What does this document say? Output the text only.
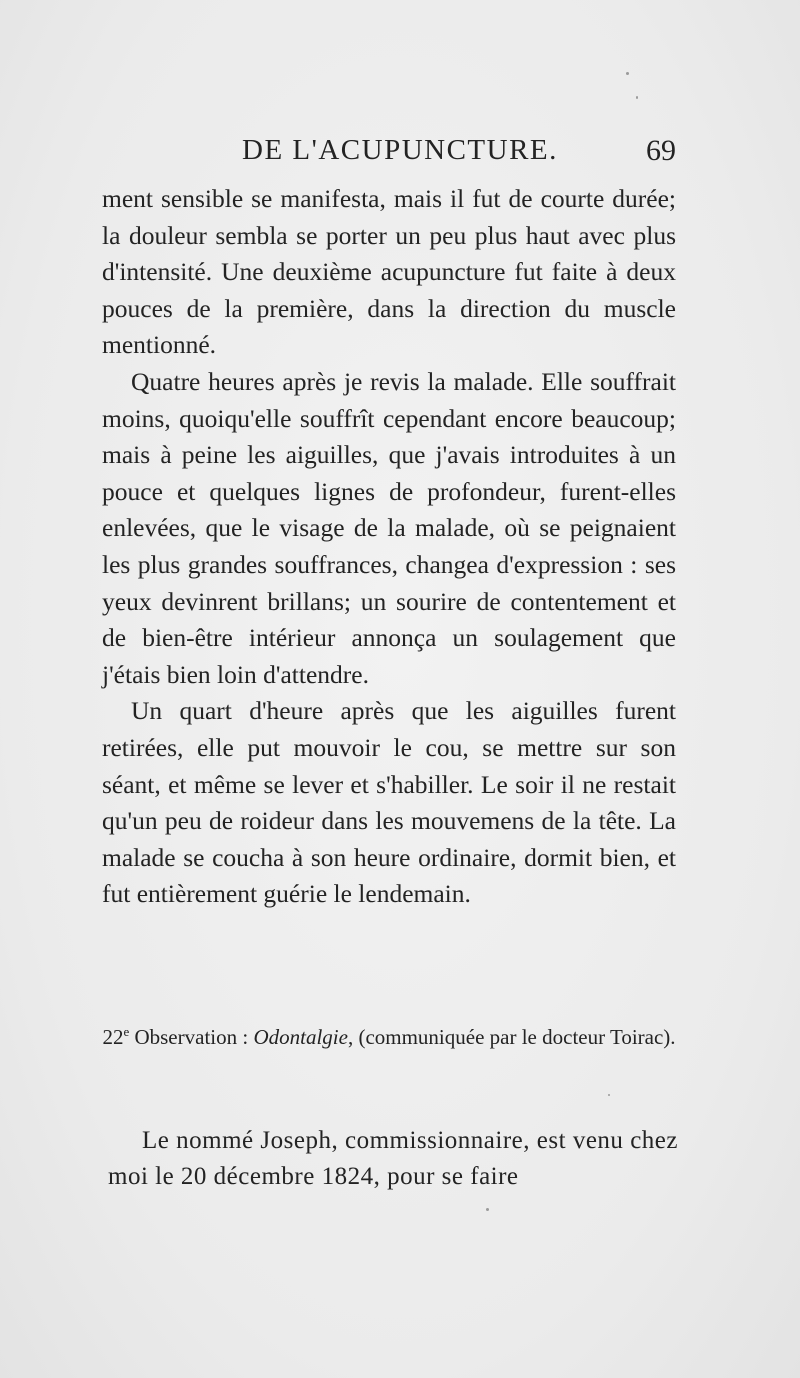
DE L'ACUPUNCTURE.	69

ment sensible se manifesta, mais il fut de courte durée; la douleur sembla se porter un peu plus haut avec plus d'intensité. Une deuxième acupuncture fut faite à deux pouces de la première, dans la direction du muscle mentionné.

Quatre heures après je revis la malade. Elle souffrait moins, quoiqu'elle souffrît cependant encore beaucoup; mais à peine les aiguilles, que j'avais introduites à un pouce et quelques lignes de profondeur, furent-elles enlevées, que le visage de la malade, où se peignaient les plus grandes souffrances, changea d'expression : ses yeux devinrent brillans; un sourire de contentement et de bien-être intérieur annonça un soulagement que j'étais bien loin d'attendre.

Un quart d'heure après que les aiguilles furent retirées, elle put mouvoir le cou, se mettre sur son séant, et même se lever et s'habiller. Le soir il ne restait qu'un peu de roideur dans les mouvemens de la tête. La malade se coucha à son heure ordinaire, dormit bien, et fut entièrement guérie le lendemain.

22e Observation : Odontalgie, (communiquée par le docteur Toirac).

Le nommé Joseph, commissionnaire, est venu chez moi le 20 décembre 1824, pour se faire
